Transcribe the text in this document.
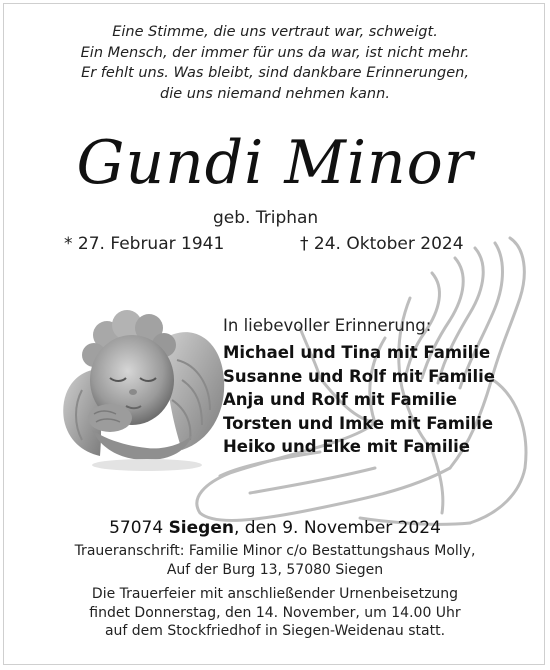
Eine Stimme, die uns vertraut war, schweigt.
Ein Mensch, der immer für uns da war, ist nicht mehr.
Er fehlt uns. Was bleibt, sind dankbare Erinnerungen,
die uns niemand nehmen kann.
Gundi Minor
geb. Triphan
* 27. Februar 1941	† 24. Oktober 2024
In liebevoller Erinnerung:
Michael und Tina mit Familie
Susanne und Rolf mit Familie
Anja und Rolf mit Familie
Torsten und Imke mit Familie
Heiko und Elke mit Familie
57074 Siegen, den 9. November 2024
Traueranschrift: Familie Minor c/o Bestattungshaus Molly,
Auf der Burg 13, 57080 Siegen
Die Trauerfeier mit anschließender Urnenbeisetzung
findet Donnerstag, den 14. November, um 14.00 Uhr
auf dem Stockfriedhof in Siegen-Weidenau statt.
